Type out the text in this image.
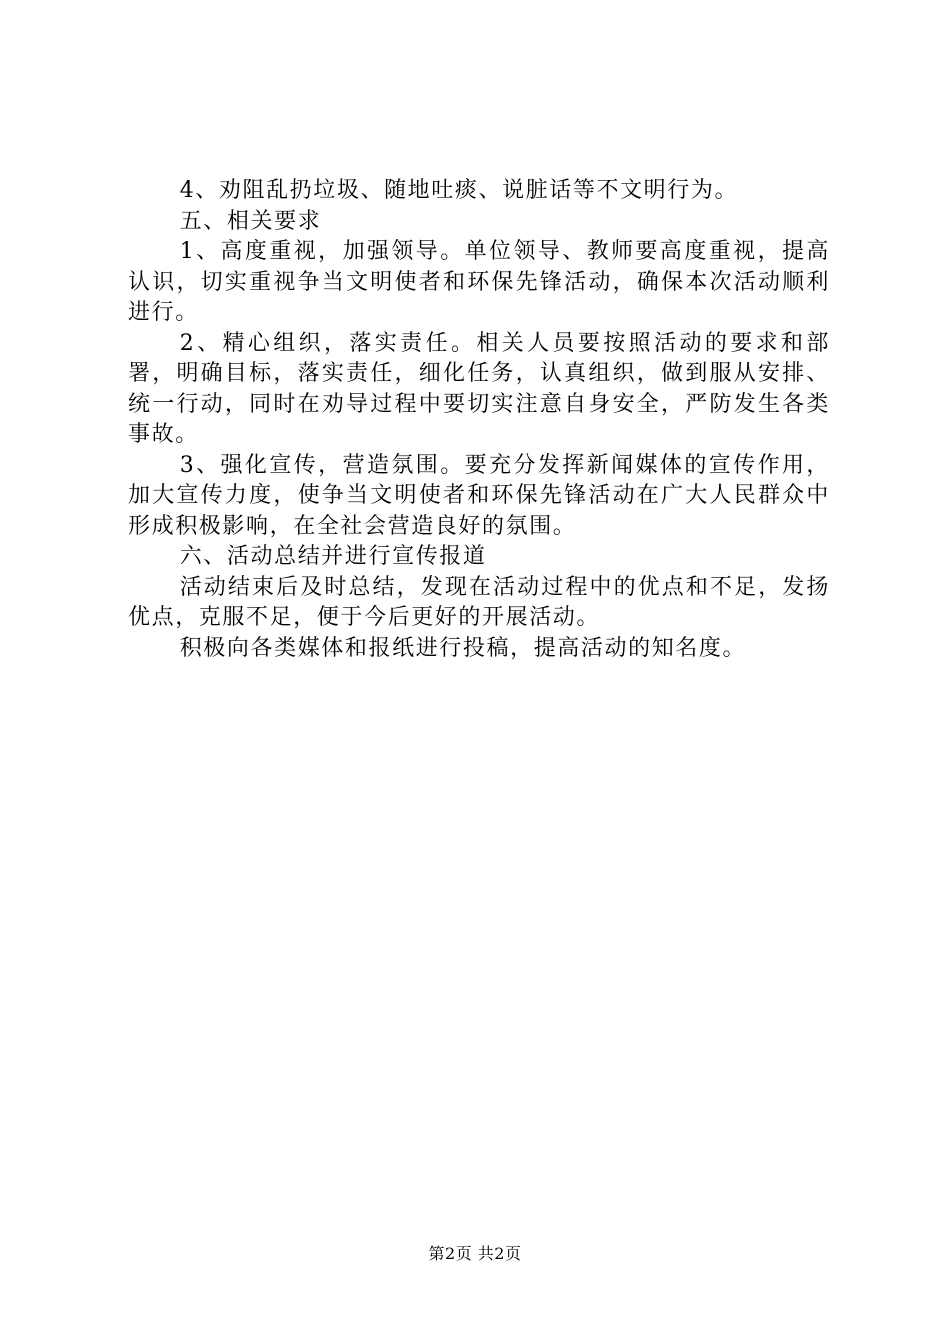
4、劝阻乱扔垃圾、随地吐痰、说脏话等不文明行为。

五、相关要求

1、高度重视，加强领导。单位领导、教师要高度重视，提高认识，切实重视争当文明使者和环保先锋活动，确保本次活动顺利进行。

2、精心组织，落实责任。相关人员要按照活动的要求和部署，明确目标，落实责任，细化任务，认真组织，做到服从安排、统一行动，同时在劝导过程中要切实注意自身安全，严防发生各类事故。

3、强化宣传，营造氛围。要充分发挥新闻媒体的宣传作用，加大宣传力度，使争当文明使者和环保先锋活动在广大人民群众中形成积极影响，在全社会营造良好的氛围。

六、活动总结并进行宣传报道

活动结束后及时总结，发现在活动过程中的优点和不足，发扬优点，克服不足，便于今后更好的开展活动。

积极向各类媒体和报纸进行投稿，提高活动的知名度。

第2页 共2页
